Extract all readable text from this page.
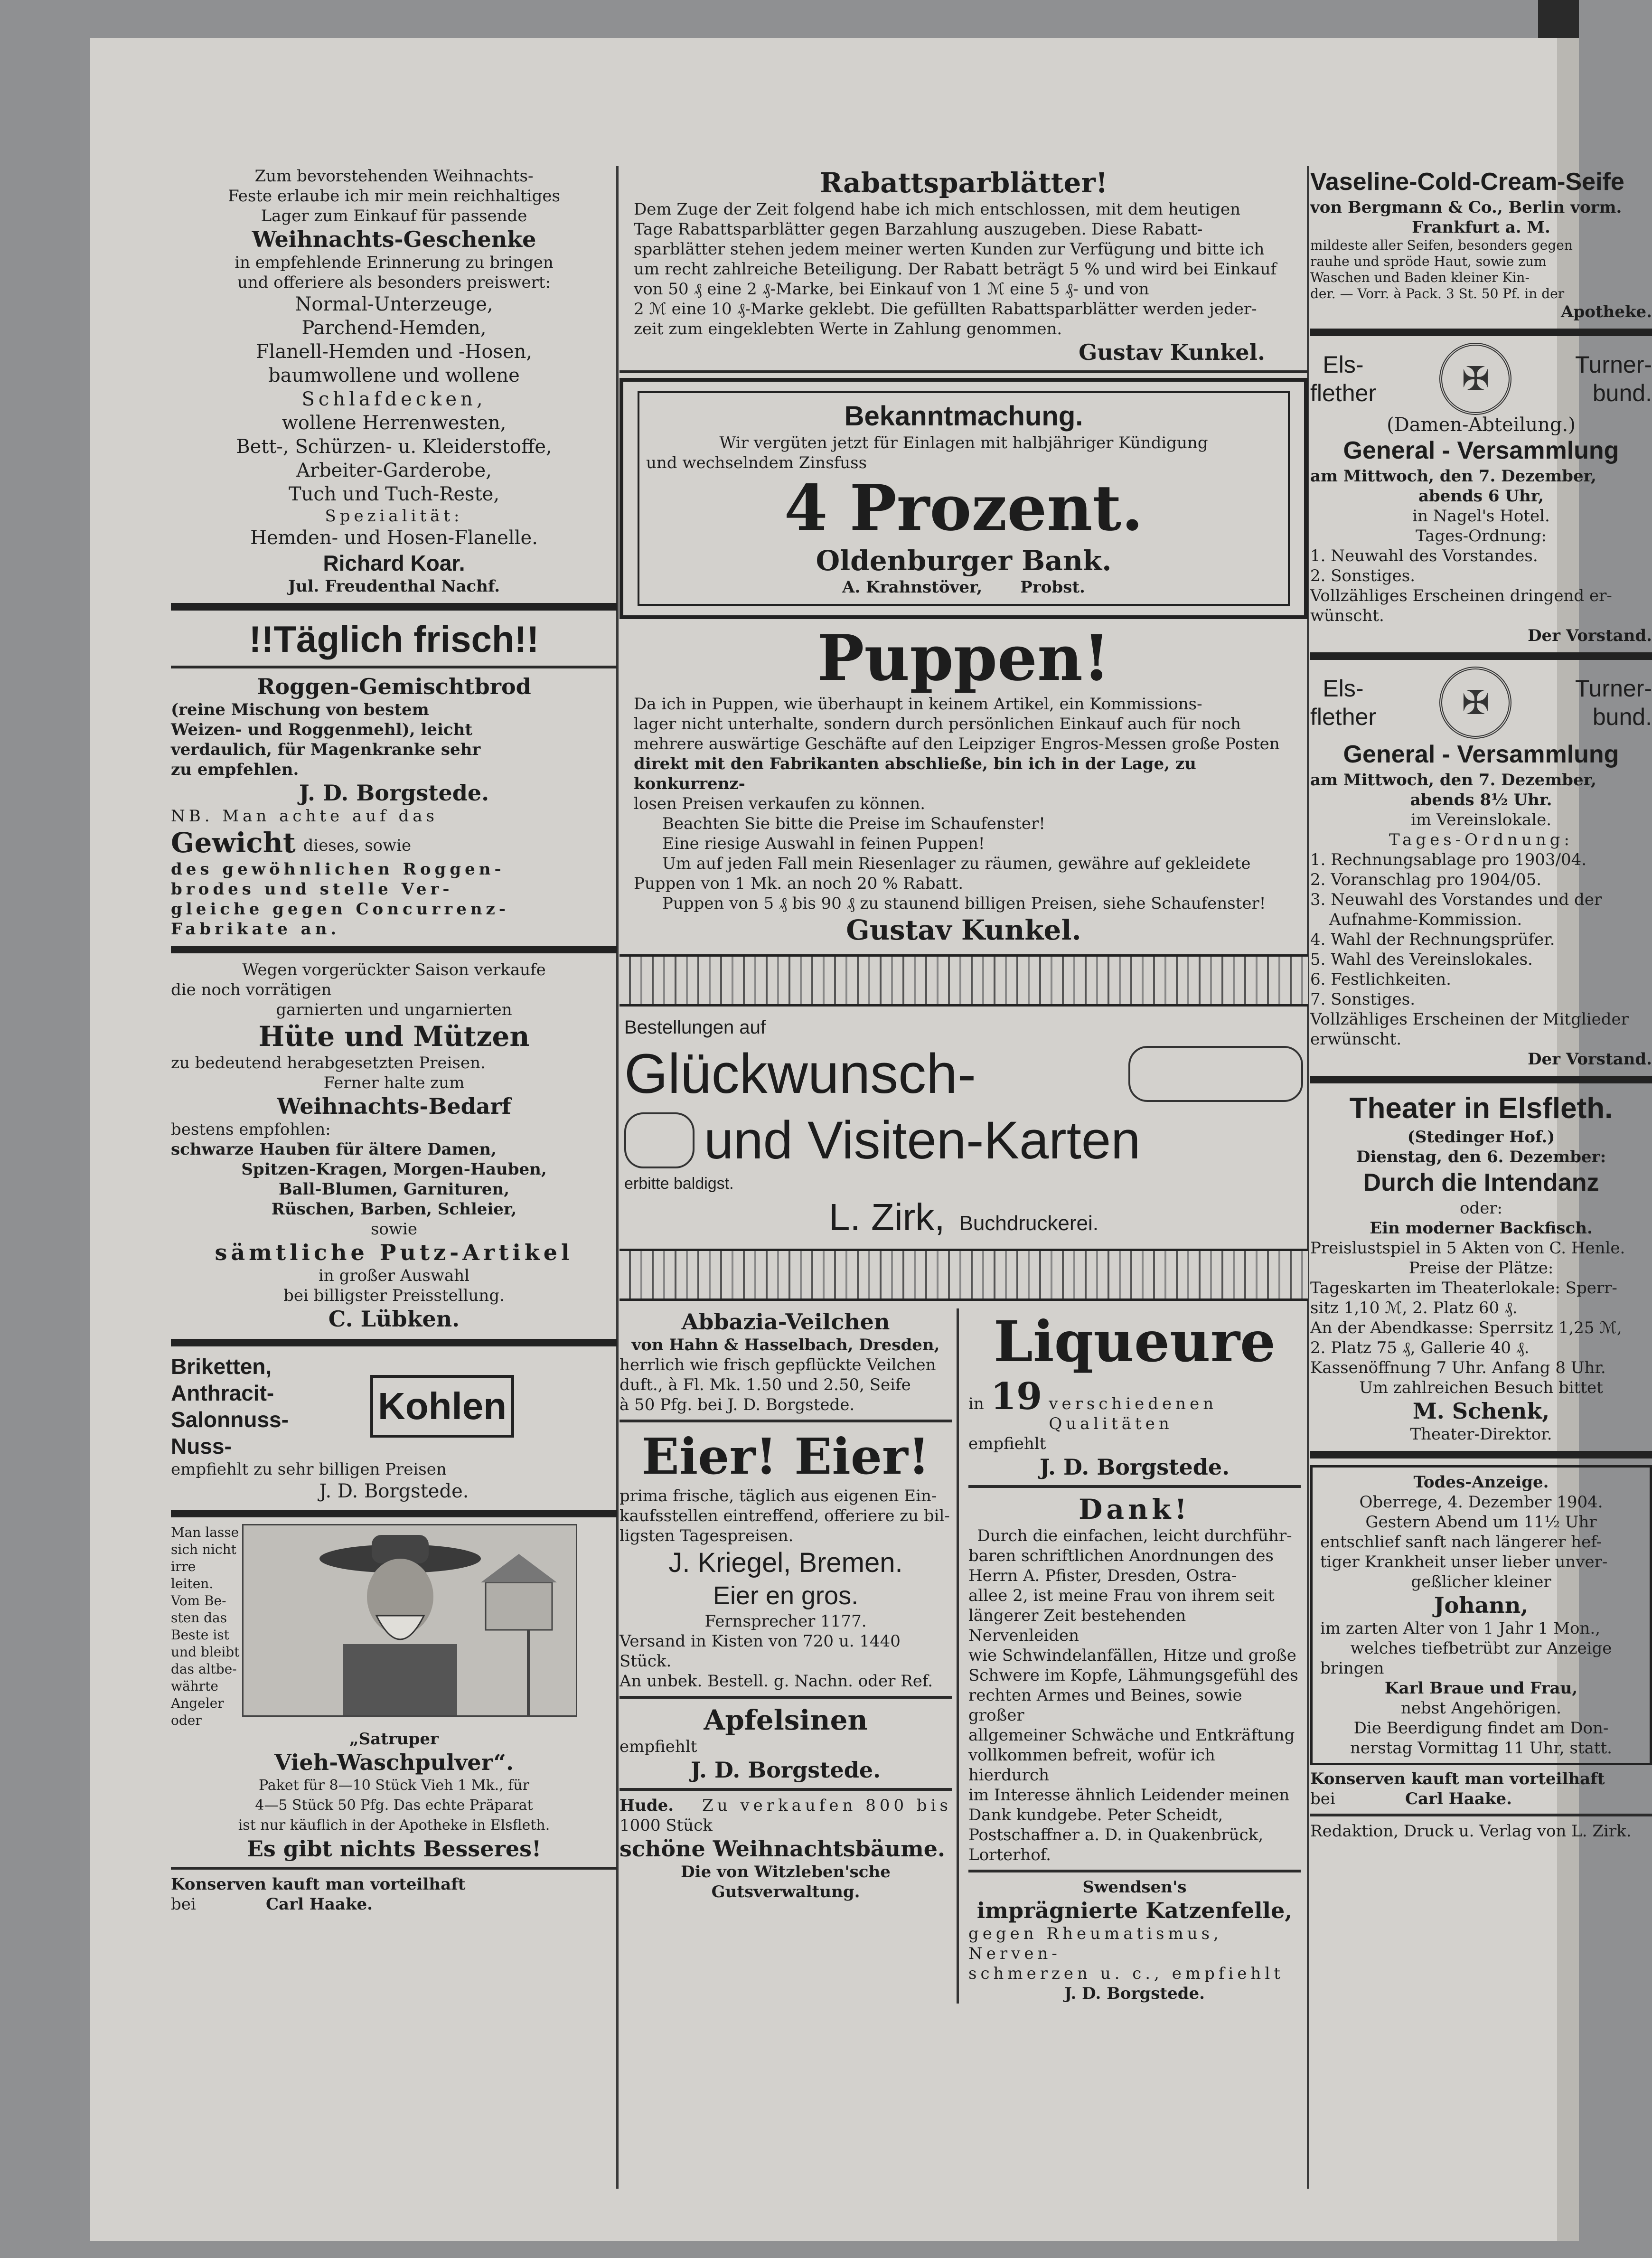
Zum bevorstehenden Weihnachts-
Feste erlaube ich mir mein reichhaltiges
Lager zum Einkauf für passende
Weihnachts-Geschenke
in empfehlende Erinnerung zu bringen
und offeriere als besonders preiswert:
Normal-Unterzeuge,
Parchend-Hemden,
Flanell-Hemden und -Hosen,
baumwollene und wollene
Schlafdecken,
wollene Herrenwesten,
Bett-, Schürzen- u. Kleiderstoffe,
Arbeiter-Garderobe,
Tuch und Tuch-Reste,
Spezialität:
Hemden- und Hosen-Flanelle.
Richard Koar.
Jul. Freudenthal Nachf.
!!Täglich frisch!!
Roggen-Gemischtbrod
(reine Mischung von bestem
Weizen- und Roggenmehl), leicht
verdaulich, für Magenkranke sehr
zu empfehlen.
J. D. Borgstede.
NB. Man achte auf das
Gewicht dieses, sowie
des gewöhnlichen Roggen-
brodes und stelle Ver-
gleiche gegen Concurrenz-
Fabrikate an.
Wegen vorgerückter Saison verkaufe
die noch vorrätigen
garnierten und ungarnierten
Hüte und Mützen
zu bedeutend herabgesetzten Preisen.
Ferner halte zum
Weihnachts-Bedarf
bestens empfohlen:
schwarze Hauben für ältere Damen,
Spitzen-Kragen, Morgen-Hauben,
Ball-Blumen, Garnituren,
Rüschen, Barben, Schleier,
sowie
sämtliche Putz-Artikel
in großer Auswahl
bei billigster Preisstellung.
C. Lübken.
Briketten,
Anthracit-
Salonnuss-
Nuss-
Kohlen
empfiehlt zu sehr billigen Preisen
J. D. Borgstede.
Man lasse
sich nicht
irre leiten.
Vom Be-
sten das
Beste ist
und bleibt
das altbe-
währte
Angeler
oder
„Satruper
Vieh-Waschpulver“.
Paket für 8—10 Stück Vieh 1 Mk., für
4—5 Stück 50 Pfg. Das echte Präparat
ist nur käuflich in der Apotheke in Elsfleth.
Es gibt nichts Besseres!
Konserven kauft man vorteilhaft
bei	Carl Haake.
Rabattsparblätter!
Dem Zuge der Zeit folgend habe ich mich entschlossen, mit dem heutigen
Tage Rabattsparblätter gegen Barzahlung auszugeben. Diese Rabatt-
sparblätter stehen jedem meiner werten Kunden zur Verfügung und bitte ich
um recht zahlreiche Beteiligung. Der Rabatt beträgt 5 % und wird bei Einkauf
von 50 ₰ eine 2 ₰-Marke, bei Einkauf von 1 ℳ eine 5 ₰- und von
2 ℳ eine 10 ₰-Marke geklebt. Die gefüllten Rabattsparblätter werden jeder-
zeit zum eingeklebten Werte in Zahlung genommen.
Gustav Kunkel.
Bekanntmachung.
Wir vergüten jetzt für Einlagen mit halbjähriger Kündigung
und wechselndem Zinsfuss
4 Prozent.
Oldenburger Bank.
A. Krahnstöver, Probst.
Puppen!
Da ich in Puppen, wie überhaupt in keinem Artikel, ein Kommissions-
lager nicht unterhalte, sondern durch persönlichen Einkauf auch für noch
mehrere auswärtige Geschäfte auf den Leipziger Engros-Messen große Posten
direkt mit den Fabrikanten abschließe, bin ich in der Lage, zu konkurrenz-
losen Preisen verkaufen zu können.
Beachten Sie bitte die Preise im Schaufenster!
Eine riesige Auswahl in feinen Puppen!
Um auf jeden Fall mein Riesenlager zu räumen, gewähre auf gekleidete
Puppen von 1 Mk. an noch 20 % Rabatt.
Puppen von 5 ₰ bis 90 ₰ zu staunend billigen Preisen, siehe Schaufenster!
Gustav Kunkel.
Bestellungen auf
Glückwunsch-
und Visiten-Karten
erbitte baldigst.
L. Zirk, Buchdruckerei.
Abbazia-Veilchen
von Hahn & Hasselbach, Dresden,
herrlich wie frisch gepflückte Veilchen
duft., à Fl. Mk. 1.50 und 2.50, Seife
à 50 Pfg. bei J. D. Borgstede.
Eier! Eier!
prima frische, täglich aus eigenen Ein-
kaufsstellen eintreffend, offeriere zu bil-
ligsten Tagespreisen.
J. Kriegel, Bremen.
Eier en gros.
Fernsprecher 1177.
Versand in Kisten von 720 u. 1440 Stück.
An unbek. Bestell. g. Nachn. oder Ref.
Apfelsinen
empfiehlt
J. D. Borgstede.
Hude. Zu verkaufen 800 bis
1000 Stück
schöne Weihnachtsbäume.
Die von Witzleben'sche
Gutsverwaltung.
Liqueure
in 19 verschiedenen Qualitäten
empfiehlt
J. D. Borgstede.
Dank!
Durch die einfachen, leicht durchführ-
baren schriftlichen Anordnungen des
Herrn A. Pfister, Dresden, Ostra-
allee 2, ist meine Frau von ihrem seit
längerer Zeit bestehenden Nervenleiden
wie Schwindelanfällen, Hitze und große
Schwere im Kopfe, Lähmungsgefühl des
rechten Armes und Beines, sowie großer
allgemeiner Schwäche und Entkräftung
vollkommen befreit, wofür ich hierdurch
im Interesse ähnlich Leidender meinen
Dank kundgebe. Peter Scheidt,
Postschaffner a. D. in Quakenbrück,
Lorterhof.
Swendsen's
imprägnierte Katzenfelle,
gegen Rheumatismus, Nerven-
schmerzen u. c., empfiehlt
J. D. Borgstede.
Vaseline-Cold-Cream-Seife
von Bergmann & Co., Berlin vorm.
Frankfurt a. M.
mildeste aller Seifen, besonders gegen
rauhe und spröde Haut, sowie zum
Waschen und Baden kleiner Kin-
der. — Vorr. à Pack. 3 St. 50 Pf. in der
Apotheke.
Els-
flether	✠	Turner-
bund.
(Damen-Abteilung.)
General - Versammlung
am Mittwoch, den 7. Dezember,
abends 6 Uhr,
in Nagel's Hotel.
Tages-Ordnung:
1. Neuwahl des Vorstandes.
2. Sonstiges.
Vollzähliges Erscheinen dringend er-
wünscht.
Der Vorstand.
Els-
flether	✠	Turner-
bund.
General - Versammlung
am Mittwoch, den 7. Dezember,
abends 8½ Uhr.
im Vereinslokale.
Tages-Ordnung:
1. Rechnungsablage pro 1903/04.
2. Voranschlag pro 1904/05.
3. Neuwahl des Vorstandes und der
Aufnahme-Kommission.
4. Wahl der Rechnungsprüfer.
5. Wahl des Vereinslokales.
6. Festlichkeiten.
7. Sonstiges.
Vollzähliges Erscheinen der Mitglieder
erwünscht.
Der Vorstand.
Theater in Elsfleth.
(Stedinger Hof.)
Dienstag, den 6. Dezember:
Durch die Intendanz
oder:
Ein moderner Backfisch.
Preislustspiel in 5 Akten von C. Henle.
Preise der Plätze:
Tageskarten im Theaterlokale: Sperr-
sitz 1,10 ℳ, 2. Platz 60 ₰.
An der Abendkasse: Sperrsitz 1,25 ℳ,
2. Platz 75 ₰, Gallerie 40 ₰.
Kassenöffnung 7 Uhr. Anfang 8 Uhr.
Um zahlreichen Besuch bittet
M. Schenk,
Theater-Direktor.
Todes-Anzeige.
Oberrege, 4. Dezember 1904.
Gestern Abend um 11½ Uhr
entschlief sanft nach längerer hef-
tiger Krankheit unser lieber unver-
geßlicher kleiner
Johann,
im zarten Alter von 1 Jahr 1 Mon.,
welches tiefbetrübt zur Anzeige
bringen
Karl Braue und Frau,
nebst Angehörigen.
Die Beerdigung findet am Don-
nerstag Vormittag 11 Uhr, statt.
Konserven kauft man vorteilhaft
bei	Carl Haake.
Redaktion, Druck u. Verlag von L. Zirk.
